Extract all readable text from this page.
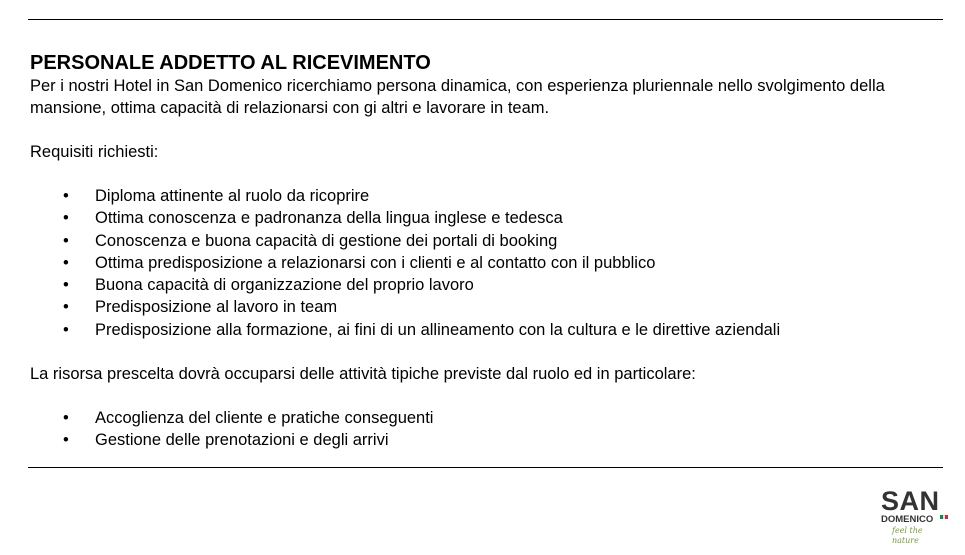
PERSONALE ADDETTO AL RICEVIMENTO

Per i nostri Hotel in San Domenico ricerchiamo persona dinamica, con esperienza pluriennale nello svolgimento della mansione, ottima capacità di relazionarsi con gi altri e lavorare in team.

Requisiti richiesti:

• Diploma attinente al ruolo da ricoprire
• Ottima conoscenza e padronanza della lingua inglese e tedesca
• Conoscenza e buona capacità di gestione dei portali di booking
• Ottima predisposizione a relazionarsi con i clienti e al contatto con il pubblico
• Buona capacità di organizzazione del proprio lavoro
• Predisposizione al lavoro in team
• Predisposizione alla formazione, ai fini di un allineamento con la cultura e le direttive aziendali

La risorsa prescelta dovrà occuparsi delle attività tipiche previste dal ruolo ed in particolare:

• Accoglienza del cliente e pratiche conseguenti
• Gestione delle prenotazioni e degli arrivi
SAN
DOMENICO
feel the nature
